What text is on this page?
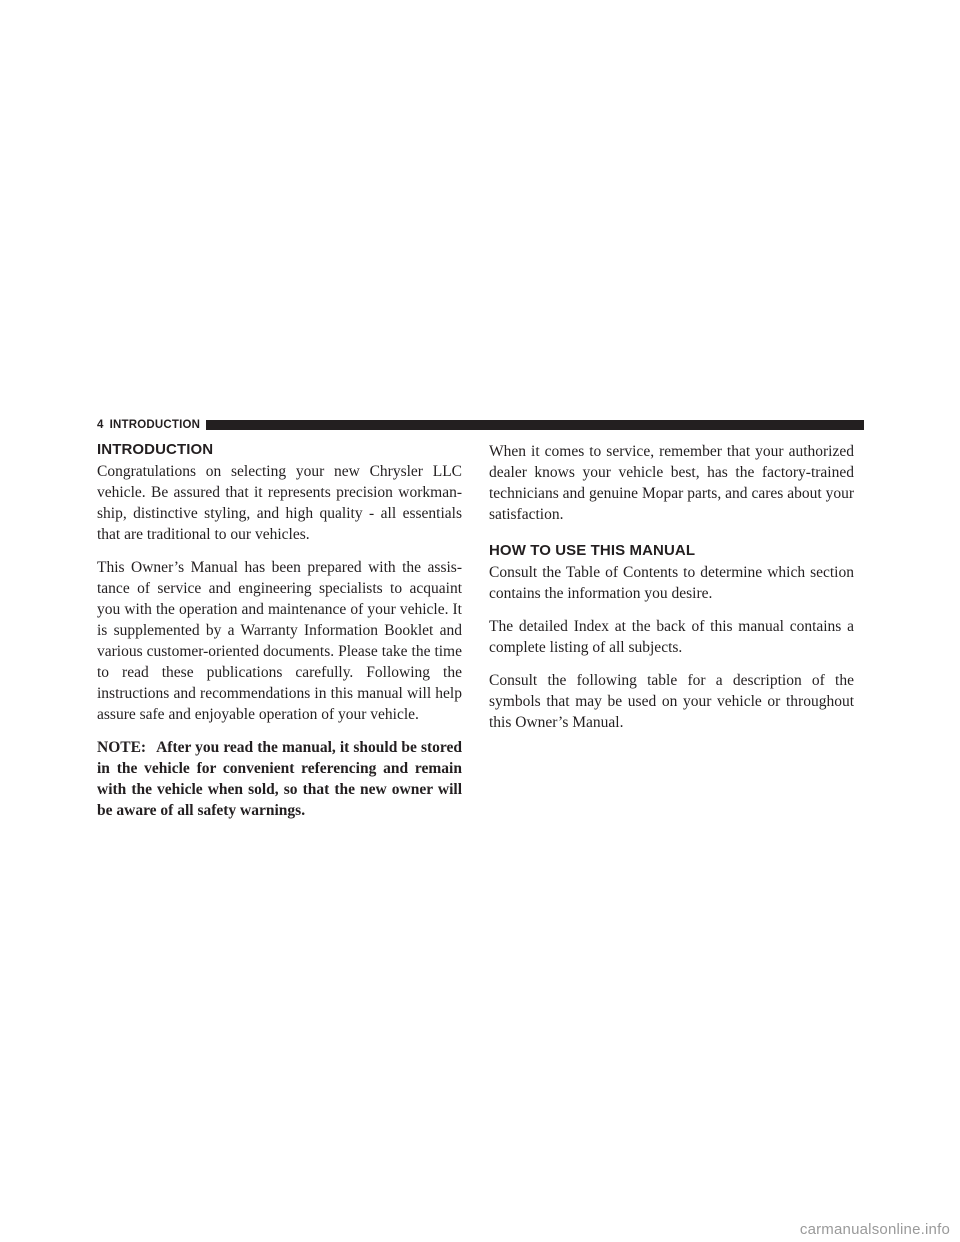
4 INTRODUCTION
INTRODUCTION

Congratulations on selecting your new Chrysler LLC vehicle. Be assured that it represents precision workman-ship, distinctive styling, and high quality - all essentials that are traditional to our vehicles.

This Owner’s Manual has been prepared with the assis-tance of service and engineering specialists to acquaint you with the operation and maintenance of your vehicle. It is supplemented by a Warranty Information Booklet and various customer-oriented documents. Please take the time to read these publications carefully. Following the instructions and recommendations in this manual will help assure safe and enjoyable operation of your vehicle.

NOTE: After you read the manual, it should be stored in the vehicle for convenient referencing and remain with the vehicle when sold, so that the new owner will be aware of all safety warnings.

When it comes to service, remember that your authorized dealer knows your vehicle best, has the factory-trained technicians and genuine Mopar parts, and cares about your satisfaction.

HOW TO USE THIS MANUAL

Consult the Table of Contents to determine which section contains the information you desire.

The detailed Index at the back of this manual contains a complete listing of all subjects.

Consult the following table for a description of the symbols that may be used on your vehicle or throughout this Owner’s Manual.

carmanualsonline.info
